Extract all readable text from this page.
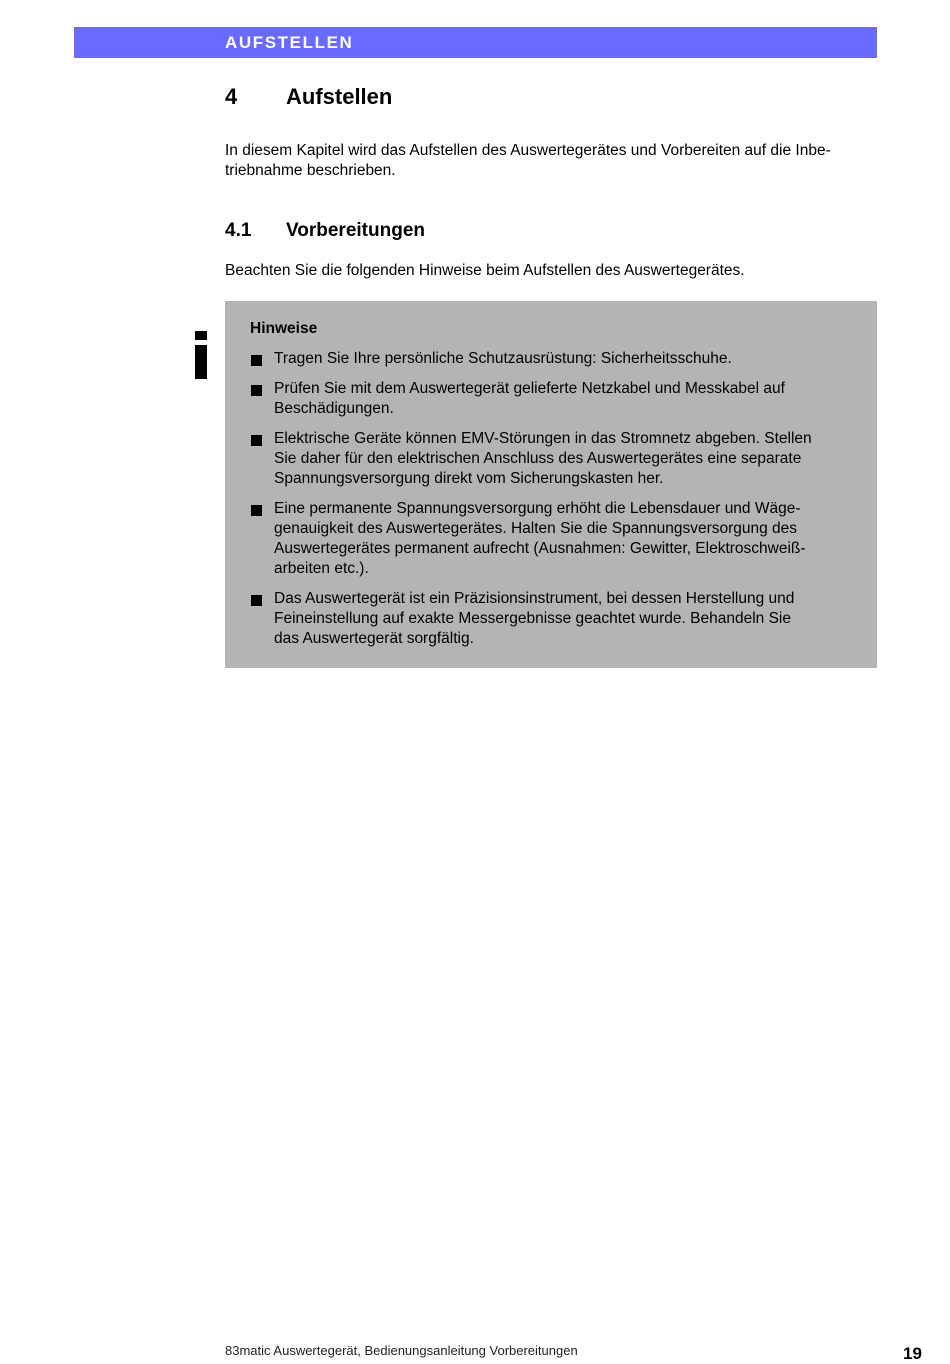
AUFSTELLEN
4 Aufstellen
In diesem Kapitel wird das Aufstellen des Auswertegerätes und Vorbereiten auf die Inbe-
triebnahme beschrieben.
4.1 Vorbereitungen
Beachten Sie die folgenden Hinweise beim Aufstellen des Auswertegerätes.
Hinweise
Tragen Sie Ihre persönliche Schutzausrüstung: Sicherheitsschuhe.
Prüfen Sie mit dem Auswertegerät gelieferte Netzkabel und Messkabel auf
Beschädigungen.
Elektrische Geräte können EMV-Störungen in das Stromnetz abgeben. Stellen
Sie daher für den elektrischen Anschluss des Auswertegerätes eine separate
Spannungsversorgung direkt vom Sicherungskasten her.
Eine permanente Spannungsversorgung erhöht die Lebensdauer und Wäge-
genauigkeit des Auswertegerätes. Halten Sie die Spannungsversorgung des
Auswertegerätes permanent aufrecht (Ausnahmen: Gewitter, Elektroschweiß-
arbeiten etc.).
Das Auswertegerät ist ein Präzisionsinstrument, bei dessen Herstellung und
Feineinstellung auf exakte Messergebnisse geachtet wurde. Behandeln Sie
das Auswertegerät sorgfältig.
83matic Auswertegerät, Bedienungsanleitung Vorbereitungen	19
